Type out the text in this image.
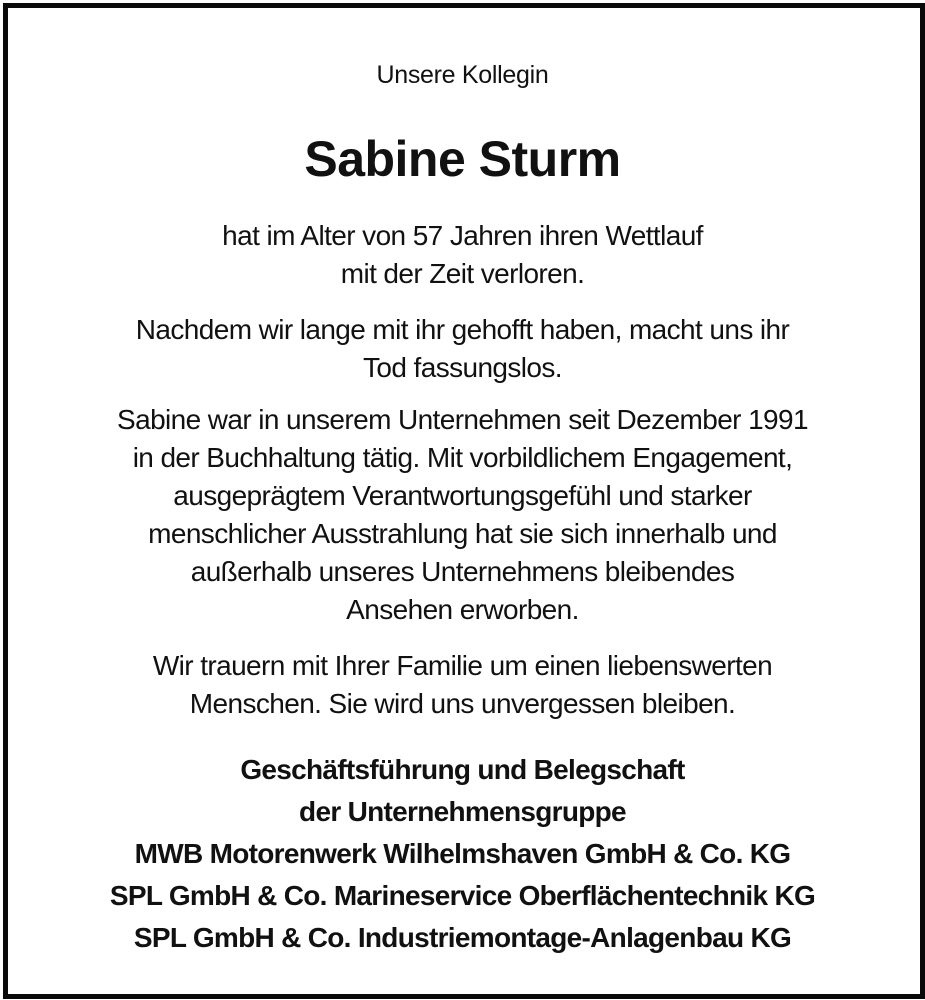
Unsere Kollegin
Sabine Sturm
hat im Alter von 57 Jahren ihren Wettlauf
mit der Zeit verloren.
Nachdem wir lange mit ihr gehofft haben, macht uns ihr
Tod fassungslos.
Sabine war in unserem Unternehmen seit Dezember 1991
in der Buchhaltung tätig. Mit vorbildlichem Engagement,
ausgeprägtem Verantwortungsgefühl und starker
menschlicher Ausstrahlung hat sie sich innerhalb und
außerhalb unseres Unternehmens bleibendes
Ansehen erworben.
Wir trauern mit Ihrer Familie um einen liebenswerten
Menschen. Sie wird uns unvergessen bleiben.
Geschäftsführung und Belegschaft
der Unternehmensgruppe
MWB Motorenwerk Wilhelmshaven GmbH & Co. KG
SPL GmbH & Co. Marineservice Oberflächentechnik KG
SPL GmbH & Co. Industriemontage-Anlagenbau KG
